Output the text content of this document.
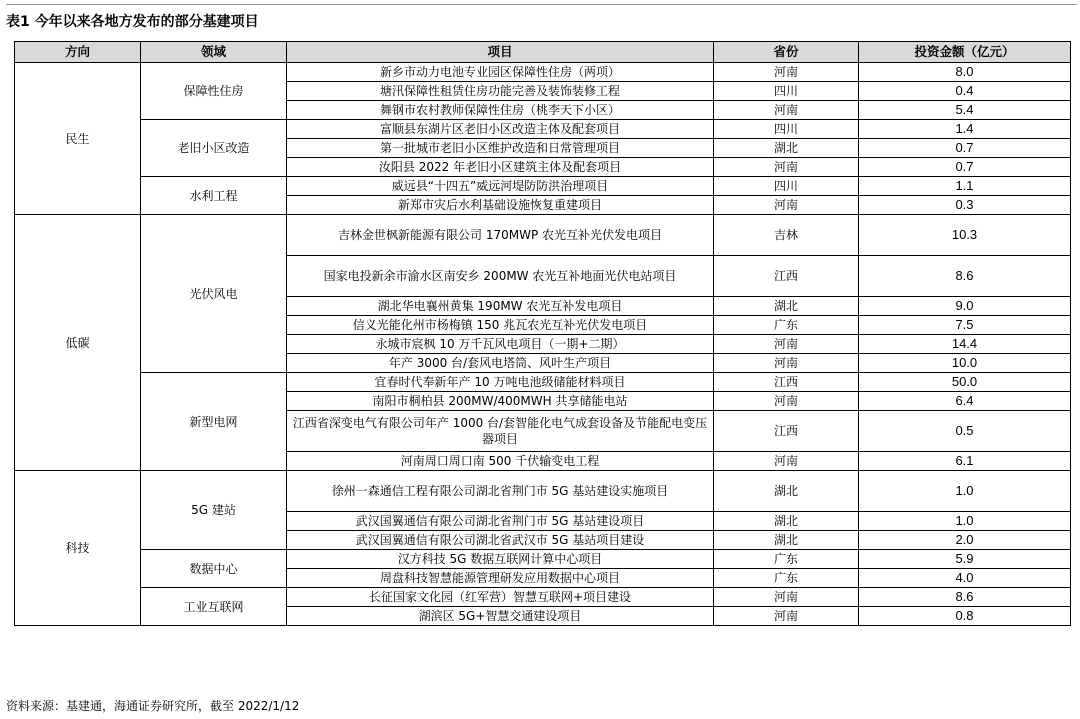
表1 今年以来各地方发布的部分基建项目
方向	领域	项目	省份	投资金额（亿元）
民生	保障性住房	新乡市动力电池专业园区保障性住房（两项）	河南	8.0
		塘汛保障性租赁住房功能完善及装饰装修工程	四川	0.4
		舞钢市农村教师保障性住房（桃李天下小区）	河南	5.4
	老旧小区改造	富顺县东湖片区老旧小区改造主体及配套项目	四川	1.4
		第一批城市老旧小区维护改造和日常管理项目	湖北	0.7
		汝阳县 2022 年老旧小区建筑主体及配套项目	河南	0.7
	水利工程	威远县“十四五”威远河堤防防洪治理项目	四川	1.1
		新郑市灾后水利基础设施恢复重建项目	河南	0.3
低碳	光伏风电	吉林金世枫新能源有限公司 170MWP 农光互补光伏发电项目	吉林	10.3
		国家电投新余市渝水区南安乡 200MW 农光互补地面光伏电站项目	江西	8.6
		湖北华电襄州黄集 190MW 农光互补发电项目	湖北	9.0
		信义光能化州市杨梅镇 150 兆瓦农光互补光伏发电项目	广东	7.5
		永城市宸枫 10 万千瓦风电项目（一期+二期）	河南	14.4
		年产 3000 台/套风电塔筒、风叶生产项目	河南	10.0
	新型电网	宜春时代奉新年产 10 万吨电池级储能材料项目	江西	50.0
		南阳市桐柏县 200MW/400MWH 共享储能电站	河南	6.4
		江西省深变电气有限公司年产 1000 台/套智能化电气成套设备及节能配电变压器项目	江西	0.5
		河南周口周口南 500 千伏输变电工程	河南	6.1
科技	5G 建站	徐州一森通信工程有限公司湖北省荆门市 5G 基站建设实施项目	湖北	1.0
		武汉国翼通信有限公司湖北省荆门市 5G 基站建设项目	湖北	1.0
		武汉国翼通信有限公司湖北省武汉市 5G 基站项目建设	湖北	2.0
	数据中心	汉方科技 5G 数据互联网计算中心项目	广东	5.9
		周盘科技智慧能源管理研发应用数据中心项目	广东	4.0
	工业互联网	长征国家文化园（红军营）智慧互联网+项目建设	河南	8.6
		湖滨区 5G+智慧交通建设项目	河南	0.8
资料来源：基建通，海通证券研究所，截至 2022/1/12
